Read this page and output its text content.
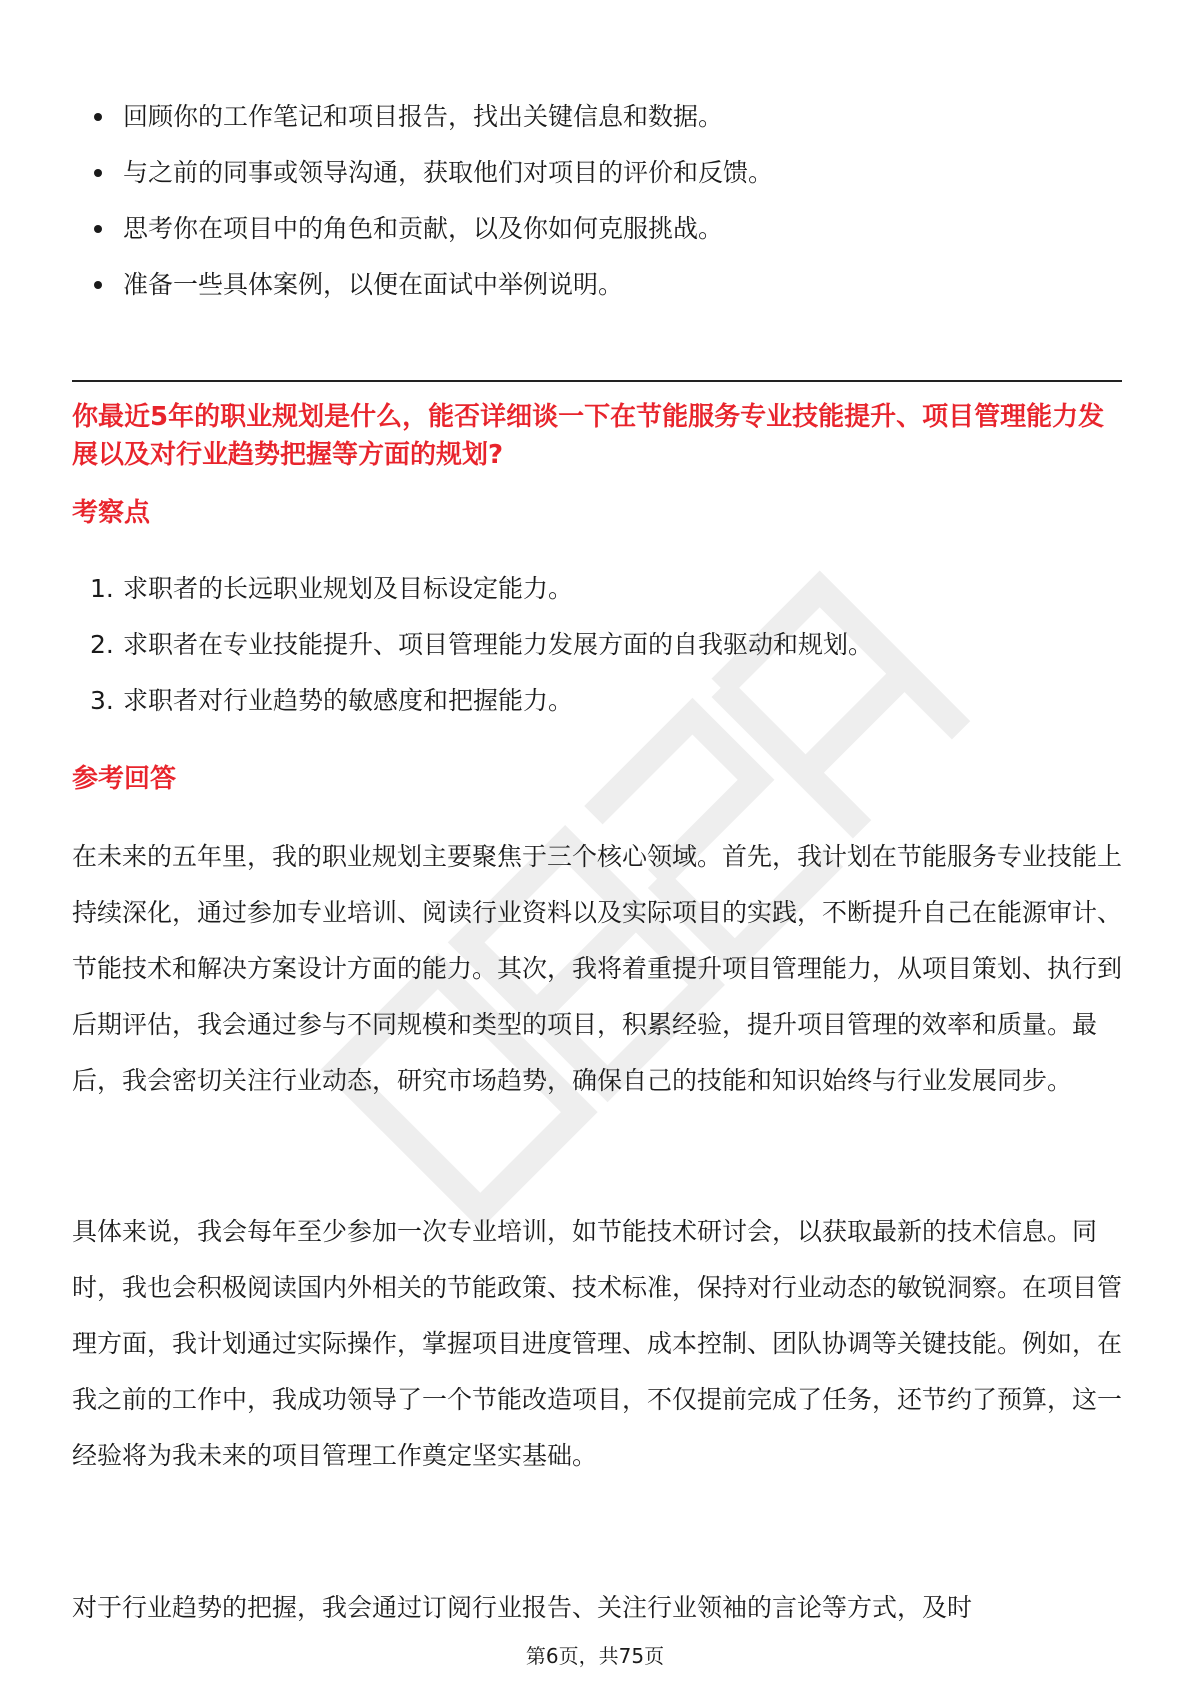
回顾你的工作笔记和项目报告，找出关键信息和数据。
与之前的同事或领导沟通，获取他们对项目的评价和反馈。
思考你在项目中的角色和贡献，以及你如何克服挑战。
准备一些具体案例，以便在面试中举例说明。
你最近5年的职业规划是什么，能否详细谈一下在节能服务专业技能提升、项目管理能力发展以及对行业趋势把握等方面的规划?
考察点
1. 求职者的长远职业规划及目标设定能力。
2. 求职者在专业技能提升、项目管理能力发展方面的自我驱动和规划。
3. 求职者对行业趋势的敏感度和把握能力。
参考回答

在未来的五年里，我的职业规划主要聚焦于三个核心领域。首先，我计划在节能服务专业技能上持续深化，通过参加专业培训、阅读行业资料以及实际项目的实践，不断提升自己在能源审计、节能技术和解决方案设计方面的能力。其次，我将着重提升项目管理能力，从项目策划、执行到后期评估，我会通过参与不同规模和类型的项目，积累经验，提升项目管理的效率和质量。最后，我会密切关注行业动态，研究市场趋势，确保自己的技能和知识始终与行业发展同步。

具体来说，我会每年至少参加一次专业培训，如节能技术研讨会，以获取最新的技术信息。同时，我也会积极阅读国内外相关的节能政策、技术标准，保持对行业动态的敏锐洞察。在项目管理方面，我计划通过实际操作，掌握项目进度管理、成本控制、团队协调等关键技能。例如，在我之前的工作中，我成功领导了一个节能改造项目，不仅提前完成了任务，还节约了预算，这一经验将为我未来的项目管理工作奠定坚实基础。

对于行业趋势的把握，我会通过订阅行业报告、关注行业领袖的言论等方式，及时

第6页，共75页
